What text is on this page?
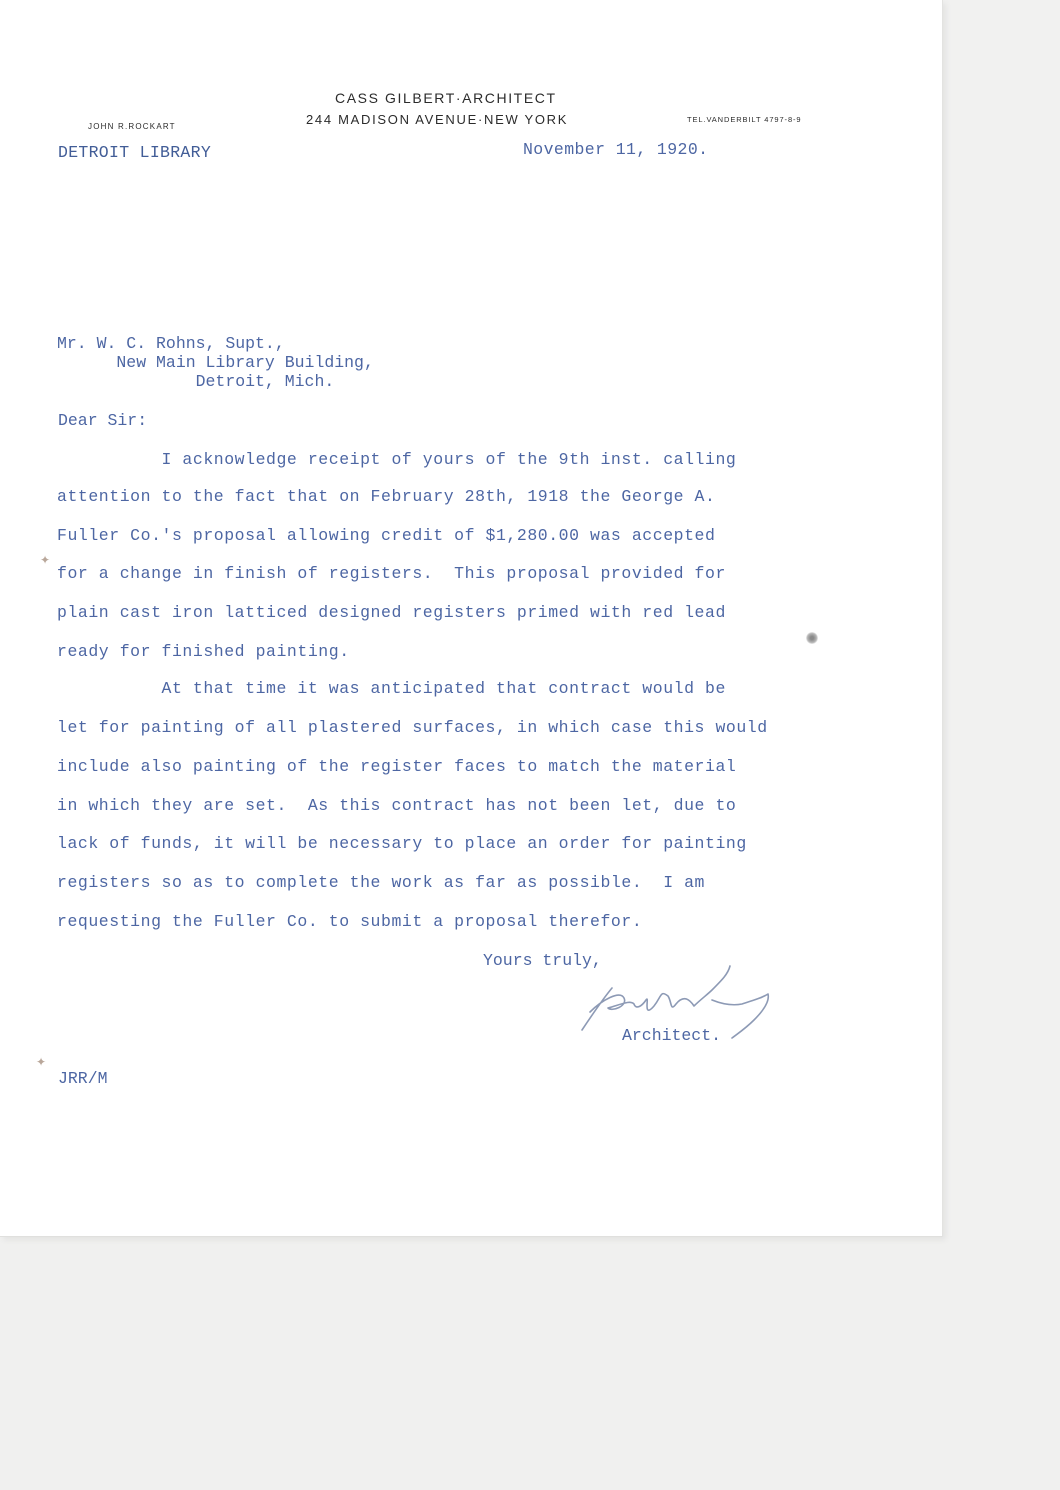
CASS GILBERT·ARCHITECT
244 MADISON AVENUE·NEW YORK
JOHN R.ROCKART
TEL.VANDERBILT 4797-8-9
DETROIT LIBRARY	November 11, 1920.
Mr. W. C. Rohns, Supt.,
New Main Library Building,
Detroit, Mich.
Dear Sir:
I acknowledge receipt of yours of the 9th inst. calling
attention to the fact that on February 28th, 1918 the George A.
Fuller Co.'s proposal allowing credit of $1,280.00 was accepted
for a change in finish of registers.  This proposal provided for
plain cast iron latticed designed registers primed with red lead
ready for finished painting.
At that time it was anticipated that contract would be
let for painting of all plastered surfaces, in which case this would
include also painting of the register faces to match the material
in which they are set.  As this contract has not been let, due to
lack of funds, it will be necessary to place an order for painting
registers so as to complete the work as far as possible.  I am
requesting the Fuller Co. to submit a proposal therefor.
Yours truly,
Architect.
JRR/M
✦
✦
